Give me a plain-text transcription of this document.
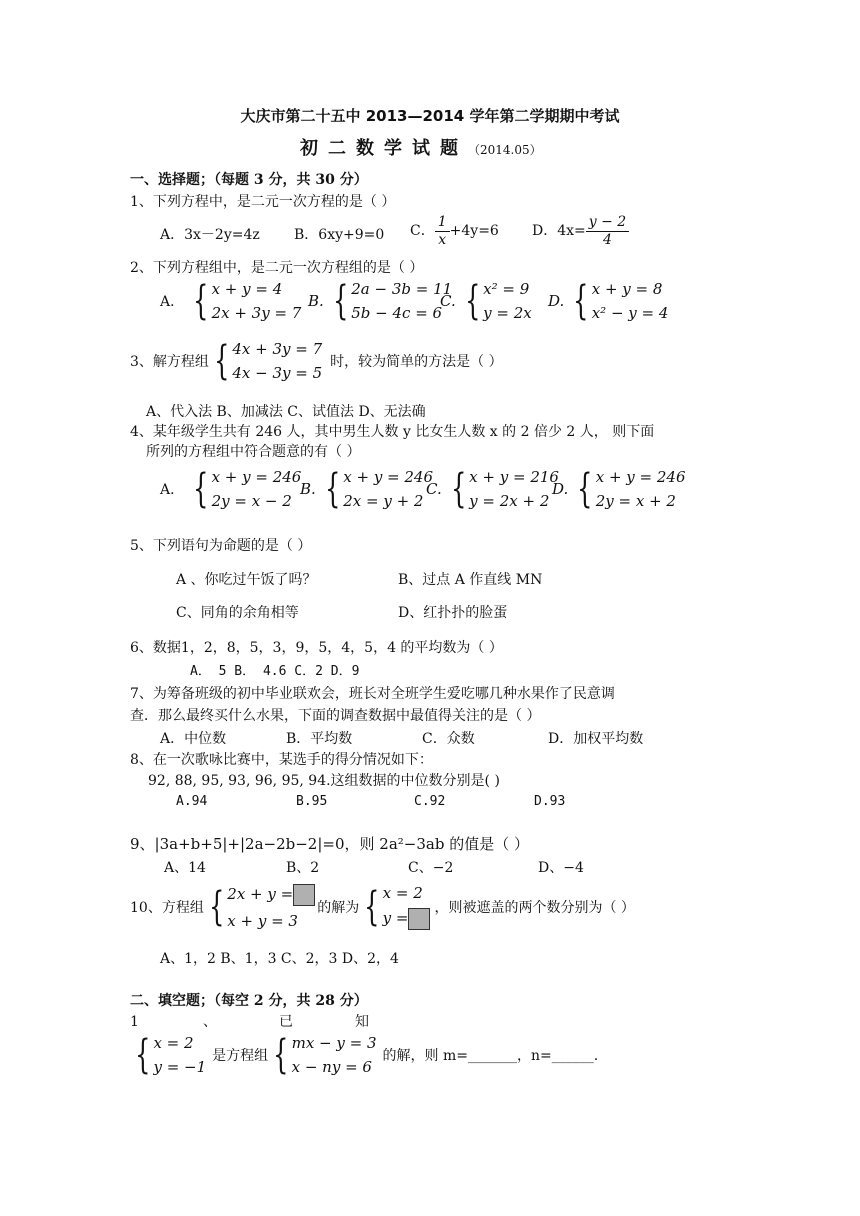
大庆市第二十五中 2013—2014 学年第二学期期中考试
初二数学试题（2014.05）
一、选择题；（每题 3 分，共 30 分）
1、下列方程中，是二元一次方程的是（ ）
A．3x－2y=4z B．6xy+9=0 C． $\frac{1}{x} +4y=6$ D．$4x= \frac{y - 2}{4}$
2、下列方程组中，是二元一次方程组的是（ ）
A． { x + y = 4
2x + 3y = 7
B. { 2a − 3b = 11
5b − 4c = 6
C. { x² = 9
y = 2x
D. { x + y = 8
x² − y = 4
3、解方程组 { 4x + 3y = 7
4x − 3y = 5
时，较为简单的方法是（ ）
A、代入法 B、加减法 C、试值法 D、无法确
4、某年级学生共有 246 人，其中男生人数 y 比女生人数 x 的 2 倍少 2 人， 则下面
所列的方程组中符合题意的有（ ）
A． { x + y = 246
2y = x − 2
B. { x + y = 246
2x = y + 2
C. { x + y = 216
y = 2x + 2
D. { x + y = 246
2y = x + 2
5、下列语句为命题的是（ ）
A 、你吃过午饭了吗？	B、过点 A 作直线 MN
C、同角的余角相等	D、红扑扑的脸蛋
6、数据1，2，8，5，3，9，5，4，5，4 的平均数为（ ）
A． 5 B． 4.6 C．2 D．9
7、为筹备班级的初中毕业联欢会，班长对全班学生爱吃哪几种水果作了民意调
查．那么最终买什么水果，下面的调查数据中最值得关注的是（ ）
A．中位数	B．平均数	C．众数	D．加权平均数
8、在一次歌咏比赛中，某选手的得分情况如下：
92, 88, 95, 93, 96, 95, 94.这组数据的中位数分别是( )
A.94	B.95	C.92	D.93
9、|3a+b+5|+|2a−2b−2|=0，则 2a²−3ab 的值是（ ）
A、14	B、2	C、−2	D、−4
10、方程组 { 2x + y =
x + y = 3
的解为 { x = 2
y =
，则被遮盖的两个数分别为（ ）
A、1，2 B、1，3 C、2，3 D、2，4
二、填空题；（每空 2 分，共 28 分）
1	、	已	知
{ x = 2
y = −1
是方程组 { mx − y = 3
x − ny = 6
的解，则 m=_______，n=______.
